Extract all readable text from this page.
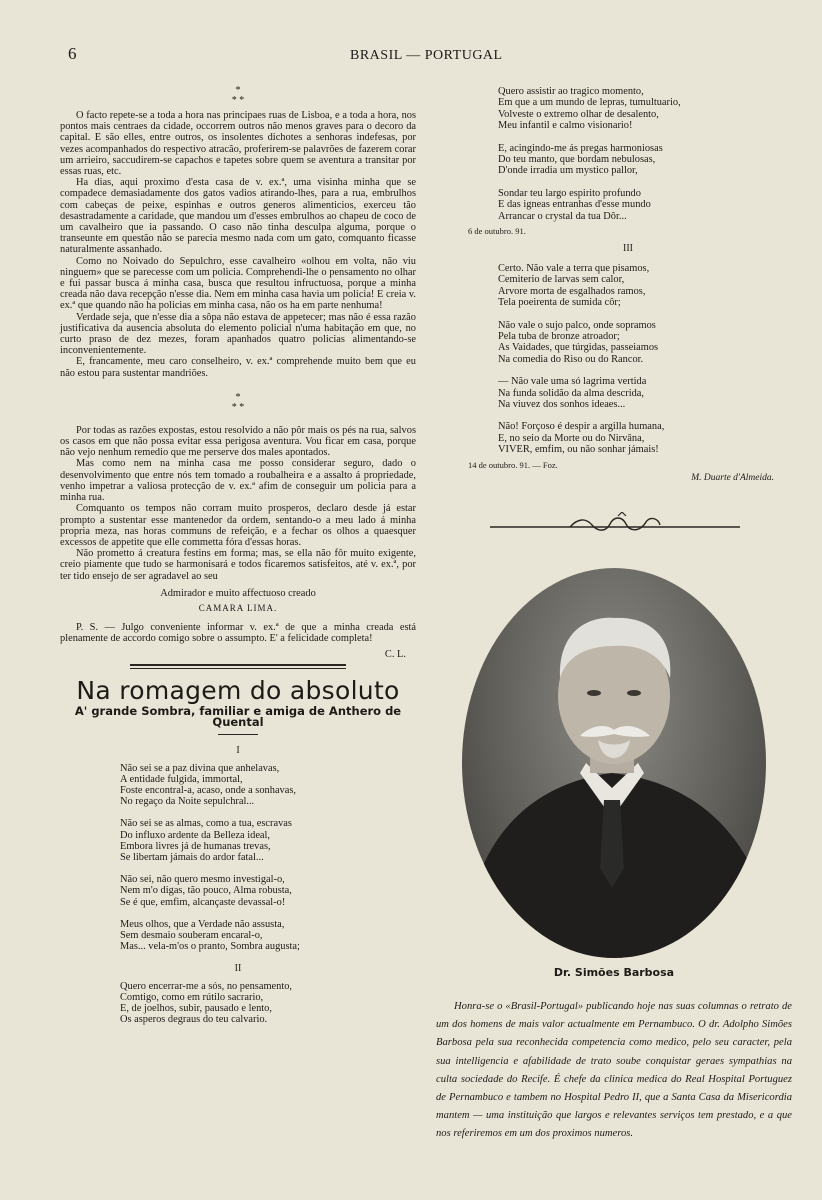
6	BRASIL — PORTUGAL
*
* *

O facto repete-se a toda a hora nas principaes ruas de Lisboa, e a toda a hora, nos pontos mais centraes da cidade, occorrem outros não menos graves para o decoro da capital. E são elles, entre outros, os insolentes dichotes a senhoras indefesas, por vezes acompanhados do respectivo atracão, proferirem-se palavrões de fazerem corar um arrieiro, saccudirem-se capachos e tapetes sobre quem se aventura a transitar por essas ruas, etc.

Ha dias, aqui proximo d'esta casa de v. ex.ª, uma visinha minha que se compadece demasiadamente dos gatos vadios atirando-lhes, para a rua, embrulhos com cabeças de peixe, espinhas e outros generos alimenticios, exerceu tão desastradamente a caridade, que mandou um d'esses embrulhos ao chapeu de coco de um cavalheiro que ia passando. O caso não tinha desculpa alguma, porque o transeunte em questão não se parecia mesmo nada com um gato, comquanto ficasse naturalmente assanhado.

Como no Noivado do Sepulchro, esse cavalheiro «olhou em volta, não viu ninguem» que se parecesse com um policia. Comprehendi-lhe o pensamento no olhar e fui passar busca á minha casa, busca que resultou infructuosa, porque a minha creada não dava recepção n'esse dia. Nem em minha casa havia um policia! E creia v. ex.ª que quando não ha policias em minha casa, não os ha em parte nenhuma!

Verdade seja, que n'esse dia a sôpa não estava de appetecer; mas não é essa razão justificativa da ausencia absoluta do elemento policial n'uma habitação em que, no curto praso de dez mezes, foram apanhados quatro policias alimentando-se inconvenientemente.

E, francamente, meu caro conselheiro, v. ex.ª comprehende muito bem que eu não estou para sustentar mandriões.

*
* *

Por todas as razões expostas, estou resolvido a não pôr mais os pés na rua, salvos os casos em que não possa evitar essa perigosa aventura. Vou ficar em casa, porque não vejo nenhum remedio que me perserve dos males apontados.

Mas como nem na minha casa me posso considerar seguro, dado o desenvolvimento que entre nós tem tomado a roubalheira e a assalto á propriedade, venho impetrar a valiosa protecção de v. ex.ª afim de conseguir um policia para a minha rua.

Comquanto os tempos não corram muito prosperos, declaro desde já estar prompto a sustentar esse mantenedor da ordem, sentando-o a meu lado á minha propria meza, nas horas communs de refeição, e a fechar os olhos a quaesquer excessos de appetite que elle commetta fóra d'essas horas.

Não prometto á creatura festins em forma; mas, se ella não fôr muito exigente, creio piamente que tudo se harmonisará e todos ficaremos satisfeitos, até v. ex.ª, por ter tido ensejo de ser agradavel ao seu

Admirador e muito affectuoso creado
CAMARA LIMA.

P. S. — Julgo conveniente informar v. ex.ª de que a minha creada está plenamente de accordo comigo sobre o assumpto. E' a felicidade completa!

C. L.
Na romagem do absoluto
A' grande Sombra, familiar e amiga de Anthero de Quental
I
Não sei se a paz divina que anhelavas,
A entidade fulgida, immortal,
Foste encontral-a, acaso, onde a sonhavas,
No regaço da Noite sepulchral...
Não sei se as almas, como a tua, escravas
Do influxo ardente da Belleza ideal,
Embora livres já de humanas trevas,
Se libertam jámais do ardor fatal...
Não sei, não quero mesmo investigal-o,
Nem m'o digas, tão pouco, Alma robusta,
Se é que, emfim, alcançaste devassal-o!
Meus olhos, que a Verdade não assusta,
Sem desmaio souberam encaral-o,
Mas... vela-m'os o pranto, Sombra augusta;
II
Quero encerrar-me a sós, no pensamento,
Comtigo, como em rútilo sacrario,
E, de joelhos, subir, pausado e lento,
Os asperos degraus do teu calvario.
Quero assistir ao tragico momento,
Em que a um mundo de lepras, tumultuario,
Volveste o extremo olhar de desalento,
Meu infantil e calmo visionario!
E, acingindo-me ás pregas harmoniosas
Do teu manto, que bordam nebulosas,
D'onde irradia um mystico pallor,
Sondar teu largo espirito profundo
E das igneas entranhas d'esse mundo
Arrancar o crystal da tua Dôr...
6 de outubro. 91.
III
Certo. Não vale a terra que pisamos,
Cemiterio de larvas sem calor,
Arvore morta de esgalhados ramos,
Tela poeirenta de sumida côr;
Não vale o sujo palco, onde sopramos
Pela tuba de bronze atroador;
As Vaidades, que túrgidas, passeiamos
Na comedia do Riso ou do Rancor.
— Não vale uma só lagrima vertida
Na funda solidão da alma descrida,
Na viuvez dos sonhos ideaes...
Não! Forçoso é despir a argilla humana,
E, no seio da Morte ou do Nirvâna,
VIVER, emfim, ou não sonhar jámais!
14 de outubro. 91. — Foz.
M. Duarte d'Almeida.
Dr. Simões Barbosa

Honra-se o «Brasil-Portugal» publicando hoje nas suas columnas o retrato de um dos homens de mais valor actualmente em Pernambuco. O dr. Adolpho Simões Barbosa pela sua reconhecida competencia como medico, pelo seu caracter, pela sua intelligencia e afabilidade de trato soube conquistar geraes sympathias na culta sociedade do Recife. É chefe da clinica medica do Real Hospital Portuguez de Pernambuco e tambem no Hospital Pedro II, que a Santa Casa da Misericordia mantem — uma instituição que largos e relevantes serviços tem prestado, e a que nos referiremos em um dos proximos numeros.
